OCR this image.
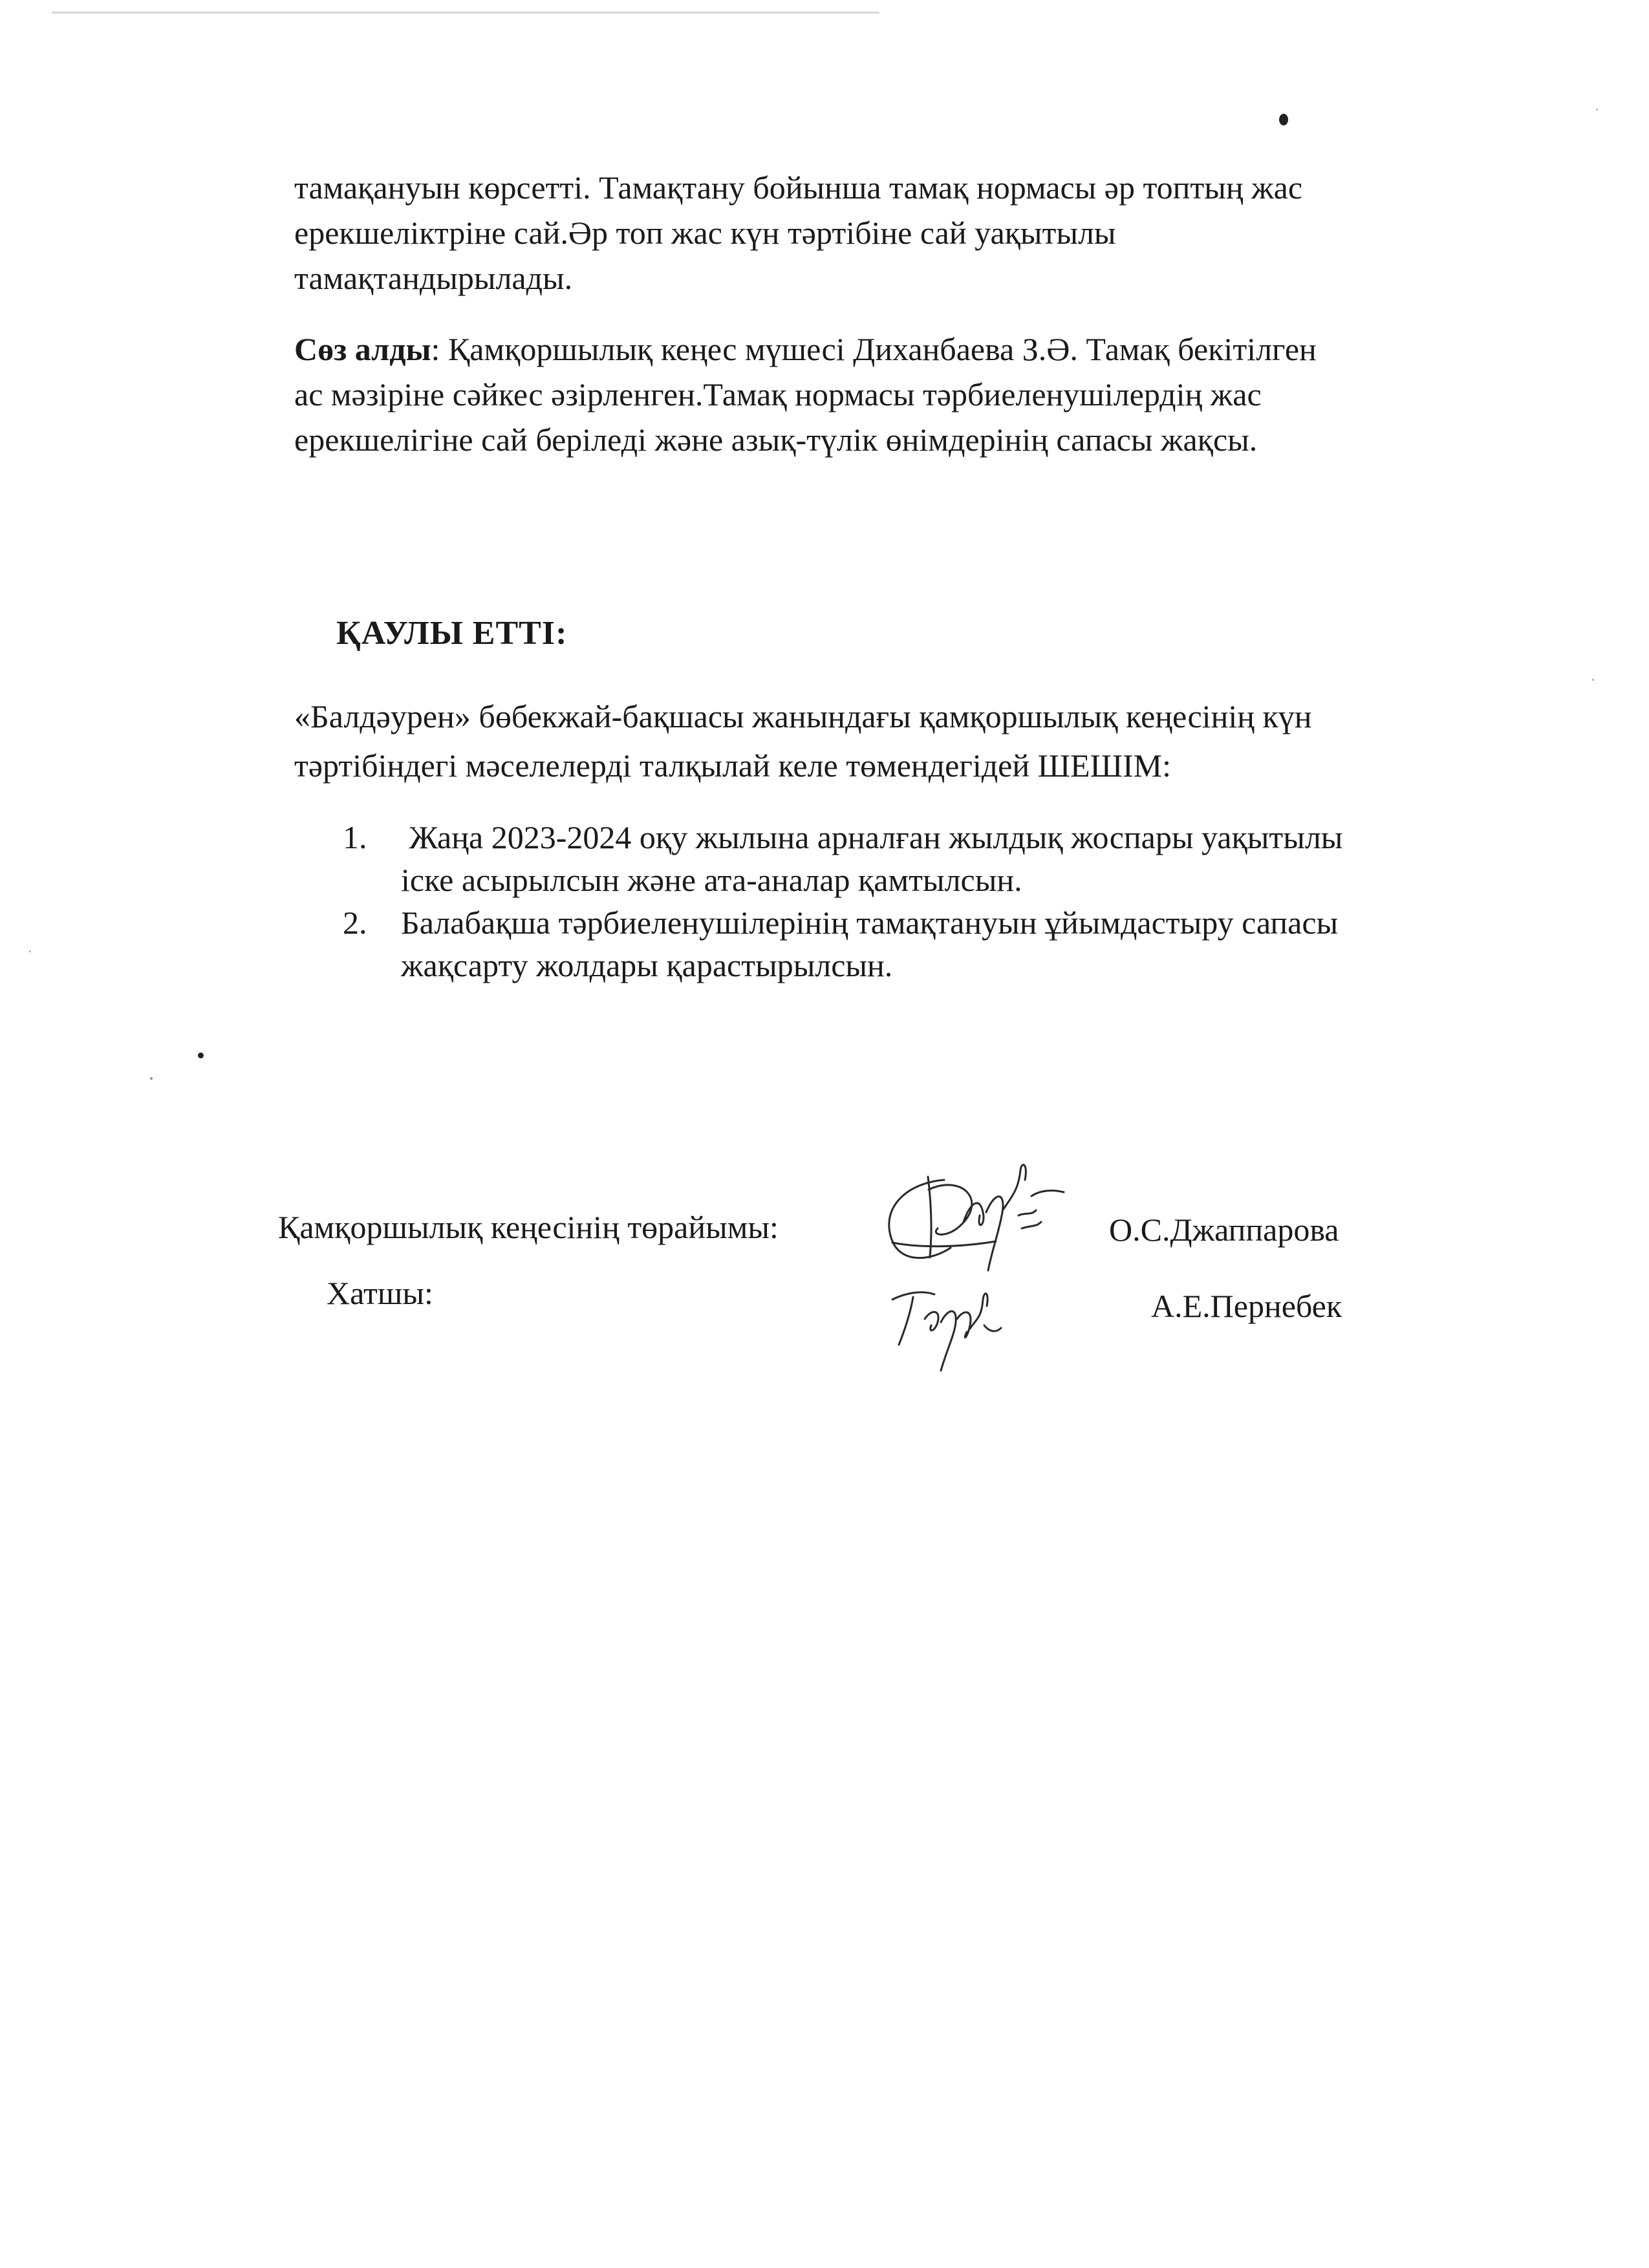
тамақануын көрсетті. Тамақтану бойынша тамақ нормасы әр топтың жас
ерекшеліктріне сай.Әр топ жас күн тәртібіне сай уақытылы
тамақтандырылады.
Сөз алды: Қамқоршылық кеңес мүшесі Диханбаева З.Ә. Тамақ бекітілген
ас мәзіріне сәйкес әзірленген.Тамақ нормасы тәрбиеленушілердің жас
ерекшелігіне сай беріледі және азық-түлік өнімдерінің сапасы жақсы.
ҚАУЛЫ ЕТТІ:
«Балдәурен» бөбекжай-бақшасы жанындағы қамқоршылық кеңесінің күн
тәртібіндегі мәселелерді талқылай келе төмендегідей ШЕШІМ:
1. Жаңа 2023-2024 оқу жылына арналған жылдық жоспары уақытылы
іске асырылсын және ата-аналар қамтылсын.
2. Балабақша тәрбиеленушілерінің тамақтануын ұйымдастыру сапасы
жақсарту жолдары қарастырылсын.
Қамқоршылық кеңесінің төрайымы:	О.С.Джаппарова
Хатшы:	А.Е.Пернебек
